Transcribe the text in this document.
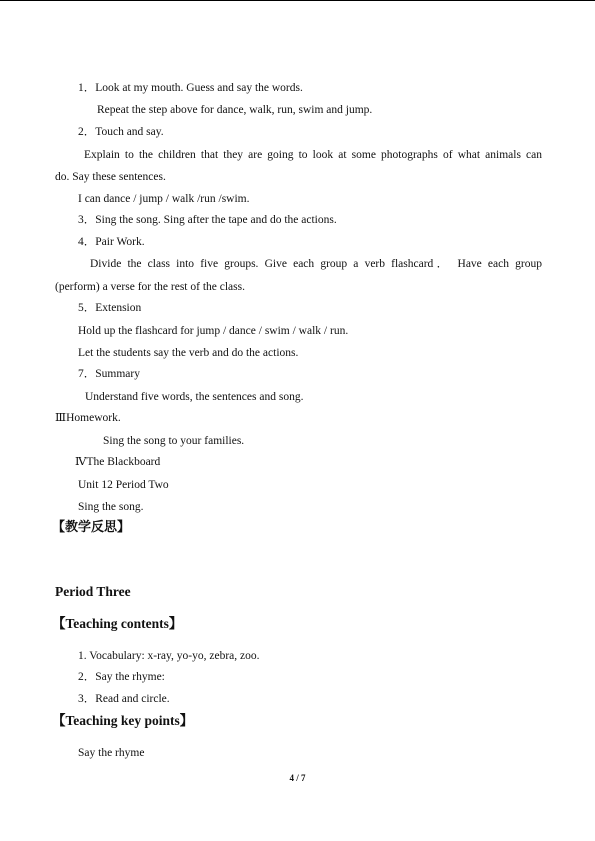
1．Look at my mouth. Guess and say the words.
Repeat the step above for dance, walk, run, swim and jump.
2．Touch and say.
Explain to the children that they are going to look at some photographs of what animals can
do. Say these sentences.
I can dance / jump / walk /run /swim.
3．Sing the song. Sing after the tape and do the actions.
4．Pair Work.
Divide the class into five groups. Give each group a verb flashcard． Have each group
(perform) a verse for the rest of the class.
5．Extension
Hold up the flashcard for jump / dance / swim / walk / run.
Let the students say the verb and do the actions.
7．Summary
Understand five words, the sentences and song.
ⅢHomework.
Sing the song to your families.
ⅣThe Blackboard
Unit 12 Period Two
Sing the song.
【教学反思】
Period Three
【Teaching contents】
1. Vocabulary: x-ray, yo-yo, zebra, zoo.
2．Say the rhyme:
3．Read and circle.
【Teaching key points】
Say the rhyme
4 / 7
